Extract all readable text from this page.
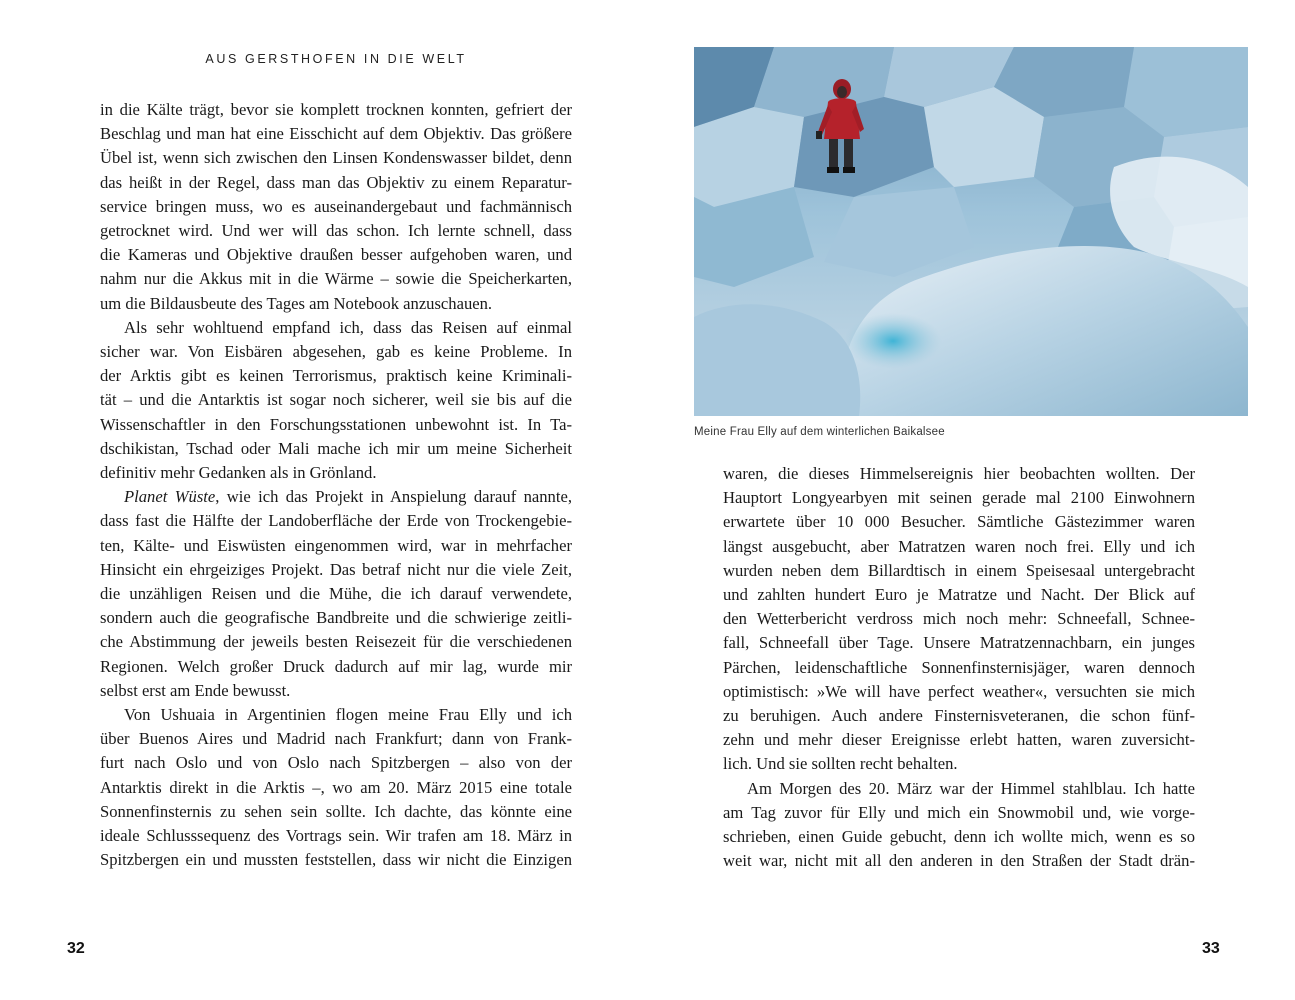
AUS GERSTHOFEN IN DIE WELT
in die Kälte trägt, bevor sie komplett trocknen konnten, gefriert der
Beschlag und man hat eine Eisschicht auf dem Objektiv. Das größere
Übel ist, wenn sich zwischen den Linsen Kondenswasser bildet, denn
das heißt in der Regel, dass man das Objektiv zu einem Reparatur-
service bringen muss, wo es auseinandergebaut und fachmännisch
getrocknet wird. Und wer will das schon. Ich lernte schnell, dass
die Kameras und Objektive draußen besser aufgehoben waren, und
nahm nur die Akkus mit in die Wärme – sowie die Speicherkarten,
um die Bildausbeute des Tages am Notebook anzuschauen.
Als sehr wohltuend empfand ich, dass das Reisen auf einmal
sicher war. Von Eisbären abgesehen, gab es keine Probleme. In
der Arktis gibt es keinen Terrorismus, praktisch keine Kriminali-
tät – und die Antarktis ist sogar noch sicherer, weil sie bis auf die
Wissenschaftler in den Forschungsstationen unbewohnt ist. In Ta-
dschikistan, Tschad oder Mali mache ich mir um meine Sicherheit
definitiv mehr Gedanken als in Grönland.
Planet Wüste, wie ich das Projekt in Anspielung darauf nannte,
dass fast die Hälfte der Landoberfläche der Erde von Trockengebie-
ten, Kälte- und Eiswüsten eingenommen wird, war in mehrfacher
Hinsicht ein ehrgeiziges Projekt. Das betraf nicht nur die viele Zeit,
die unzähligen Reisen und die Mühe, die ich darauf verwendete,
sondern auch die geografische Bandbreite und die schwierige zeitli-
che Abstimmung der jeweils besten Reisezeit für die verschiedenen
Regionen. Welch großer Druck dadurch auf mir lag, wurde mir
selbst erst am Ende bewusst.
Von Ushuaia in Argentinien flogen meine Frau Elly und ich
über Buenos Aires und Madrid nach Frankfurt; dann von Frank-
furt nach Oslo und von Oslo nach Spitzbergen – also von der
Antarktis direkt in die Arktis –, wo am 20. März 2015 eine totale
Sonnenfinsternis zu sehen sein sollte. Ich dachte, das könnte eine
ideale Schlusssequenz des Vortrags sein. Wir trafen am 18. März in
Spitzbergen ein und mussten feststellen, dass wir nicht die Einzigen
32
Meine Frau Elly auf dem winterlichen Baikalsee
waren, die dieses Himmelsereignis hier beobachten wollten. Der
Hauptort Longyearbyen mit seinen gerade mal 2100 Einwohnern
erwartete über 10 000 Besucher. Sämtliche Gästezimmer waren
längst ausgebucht, aber Matratzen waren noch frei. Elly und ich
wurden neben dem Billardtisch in einem Speisesaal untergebracht
und zahlten hundert Euro je Matratze und Nacht. Der Blick auf
den Wetterbericht verdross mich noch mehr: Schneefall, Schnee-
fall, Schneefall über Tage. Unsere Matratzennachbarn, ein junges
Pärchen, leidenschaftliche Sonnenfinsternisjäger, waren dennoch
optimistisch: »We will have perfect weather«, versuchten sie mich
zu beruhigen. Auch andere Finsternisveteranen, die schon fünf-
zehn und mehr dieser Ereignisse erlebt hatten, waren zuversicht-
lich. Und sie sollten recht behalten.
Am Morgen des 20. März war der Himmel stahlblau. Ich hatte
am Tag zuvor für Elly und mich ein Snowmobil und, wie vorge-
schrieben, einen Guide gebucht, denn ich wollte mich, wenn es so
weit war, nicht mit all den anderen in den Straßen der Stadt drän-
33
